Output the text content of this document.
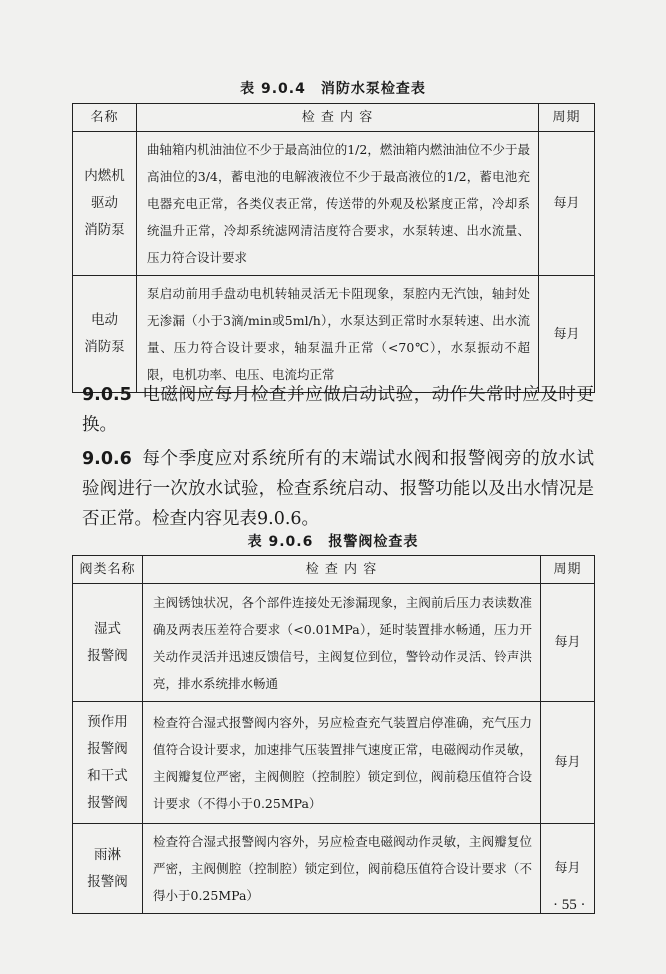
表 9.0.4　消防水泵检查表
名称	检 查 内 容	周期

内燃机
驱动
消防泵	曲轴箱内机油油位不少于最高油位的1/2，燃油箱内燃油油位不少于最高油位的3/4，蓄电池的电解液液位不少于最高液位的1/2，蓄电池充电器充电正常，各类仪表正常，传送带的外观及松紧度正常，冷却系统温升正常，冷却系统滤网清洁度符合要求，水泵转速、出水流量、压力符合设计要求	每月

电动
消防泵	泵启动前用手盘动电机转轴灵活无卡阻现象，泵腔内无汽蚀，轴封处无渗漏（小于3滴/min或5ml/h），水泵达到正常时水泵转速、出水流量、压力符合设计要求，轴泵温升正常（<70℃），水泵振动不超限，电机功率、电压、电流均正常	每月
9.0.5 电磁阀应每月检查并应做启动试验，动作失常时应及时更换。
9.0.6 每个季度应对系统所有的末端试水阀和报警阀旁的放水试验阀进行一次放水试验，检查系统启动、报警功能以及出水情况是否正常。检查内容见表9.0.6。
表 9.0.6　报警阀检查表
阀类名称	检 查 内 容	周期

湿式
报警阀	主阀锈蚀状况，各个部件连接处无渗漏现象，主阀前后压力表读数准确及两表压差符合要求（<0.01MPa），延时装置排水畅通，压力开关动作灵活并迅速反馈信号，主阀复位到位，警铃动作灵活、铃声洪亮，排水系统排水畅通	每月

预作用
报警阀
和干式
报警阀	检查符合湿式报警阀内容外，另应检查充气装置启停准确，充气压力值符合设计要求，加速排气压装置排气速度正常，电磁阀动作灵敏，主阀瓣复位严密，主阀侧腔（控制腔）锁定到位，阀前稳压值符合设计要求（不得小于0.25MPa）	每月

雨淋
报警阀	检查符合湿式报警阀内容外，另应检查电磁阀动作灵敏，主阀瓣复位严密，主阀侧腔（控制腔）锁定到位，阀前稳压值符合设计要求（不得小于0.25MPa）	每月
· 55 ·
